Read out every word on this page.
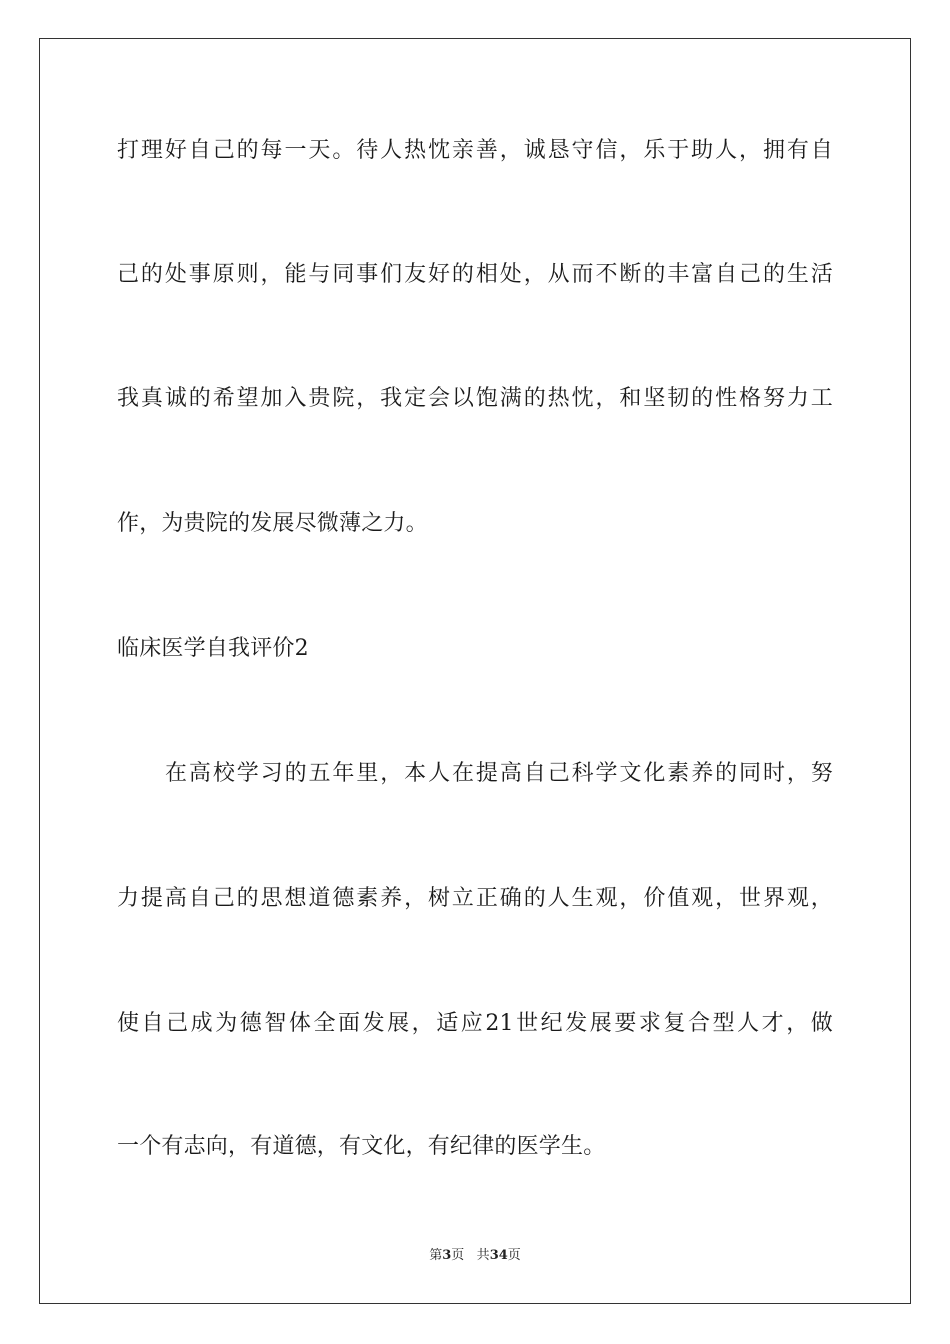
打理好自己的每一天。待人热忱亲善，诚恳守信，乐于助人，拥有自
己的处事原则，能与同事们友好的相处，从而不断的丰富自己的生活
我真诚的希望加入贵院，我定会以饱满的热忱，和坚韧的性格努力工
作，为贵院的发展尽微薄之力。
临床医学自我评价2
在高校学习的五年里，本人在提高自己科学文化素养的同时，努
力提高自己的思想道德素养，树立正确的人生观，价值观，世界观，
使自己成为德智体全面发展，适应21世纪发展要求复合型人才，做
一个有志向，有道德，有文化，有纪律的医学生。
第3页 共34页
